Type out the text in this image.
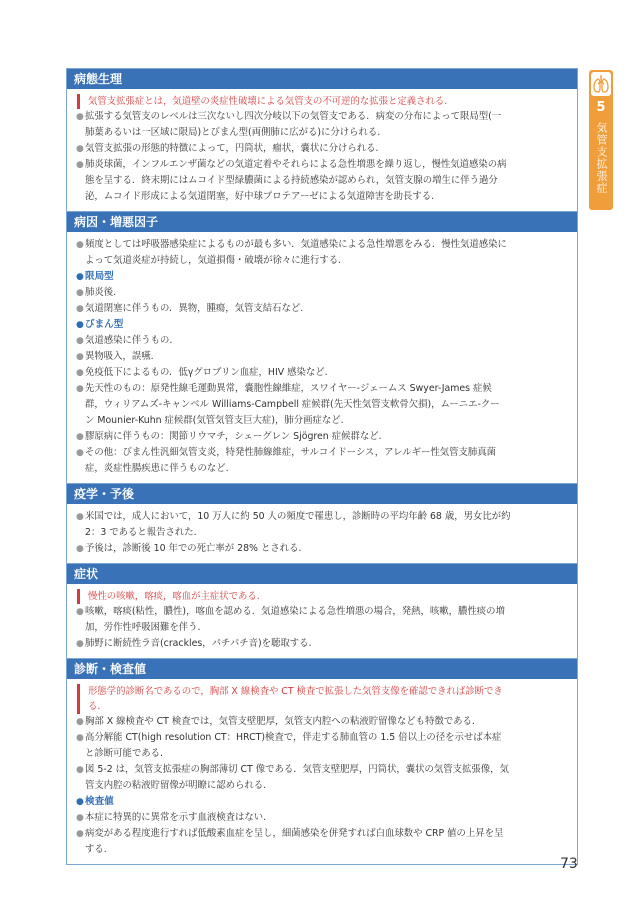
病態生理
気管支拡張症とは，気道壁の炎症性破壊による気管支の不可逆的な拡張と定義される.
● 拡張する気管支のレベルは三次ないし四次分岐以下の気管支である．病変の分布によって限局型(一
肺葉あるいは一区域に限局)とびまん型(両側肺に広がる)に分けられる.
● 気管支拡張の形態的特徴によって，円筒状，瘤状，嚢状に分けられる.
● 肺炎球菌，インフルエンザ菌などの気道定着やそれらによる急性増悪を繰り返し，慢性気道感染の病
態を呈する．終末期にはムコイド型緑膿菌による持続感染が認められ，気管支腺の増生に伴う過分
泌，ムコイド形成による気道閉塞，好中球プロテアーゼによる気道障害を助長する.
病因・増悪因子
● 頻度としては呼吸器感染症によるものが最も多い．気道感染による急性増悪をみる．慢性気道感染に
よって気道炎症が持続し，気道損傷・破壊が徐々に進行する.
● 限局型
● 肺炎後.
● 気道閉塞に伴うもの．異物，腫瘍，気管支結石など.
● びまん型
● 気道感染に伴うもの.
● 異物吸入，誤嚥.
● 免疫低下によるもの．低γグロブリン血症，HIV 感染など.
● 先天性のもの：原発性線毛運動異常，嚢胞性線維症，スワイヤー-ジェームス Swyer-James 症候
群，ウィリアムズ-キャンベル Williams-Campbell 症候群(先天性気管支軟骨欠損)，ムーニエ-クー
ン Mounier-Kuhn 症候群(気管気管支巨大症)，肺分画症など.
● 膠原病に伴うもの：関節リウマチ，シェーグレン Sjögren 症候群など.
● その他：びまん性汎細気管支炎，特発性肺線維症，サルコイドーシス，アレルギー性気管支肺真菌
症，炎症性腸疾患に伴うものなど.
疫学・予後
● 米国では，成人において，10 万人に約 50 人の頻度で罹患し，診断時の平均年齢 68 歳，男女比が約
2：3 であると報告された.
● 予後は，診断後 10 年での死亡率が 28% とされる.
症状
慢性の咳嗽，喀痰，喀血が主症状である.
● 咳嗽，喀痰(粘性，膿性)，喀血を認める．気道感染による急性増悪の場合，発熱，咳嗽，膿性痰の増
加，労作性呼吸困難を伴う.
● 肺野に断続性ラ音(crackles，パチパチ音)を聴取する.
診断・検査値
形態学的診断名であるので，胸部 X 線検査や CT 検査で拡張した気管支像を確認できれば診断でき
る.
● 胸部 X 線検査や CT 検査では，気管支壁肥厚，気管支内腔への粘液貯留像なども特徴である.
● 高分解能 CT(high resolution CT：HRCT)検査で，伴走する肺血管の 1.5 倍以上の径を示せば本症
と診断可能である.
● 図 5-2 は，気管支拡張症の胸部薄切 CT 像である．気管支壁肥厚，円筒状，嚢状の気管支拡張像，気
管支内腔の粘液貯留像が明瞭に認められる.
● 検査値
● 本症に特異的に異常を示す血液検査はない.
● 病変がある程度進行すれば低酸素血症を呈し，細菌感染を併発すれば白血球数や CRP 値の上昇を呈
する.
5
気管支拡張症
73
